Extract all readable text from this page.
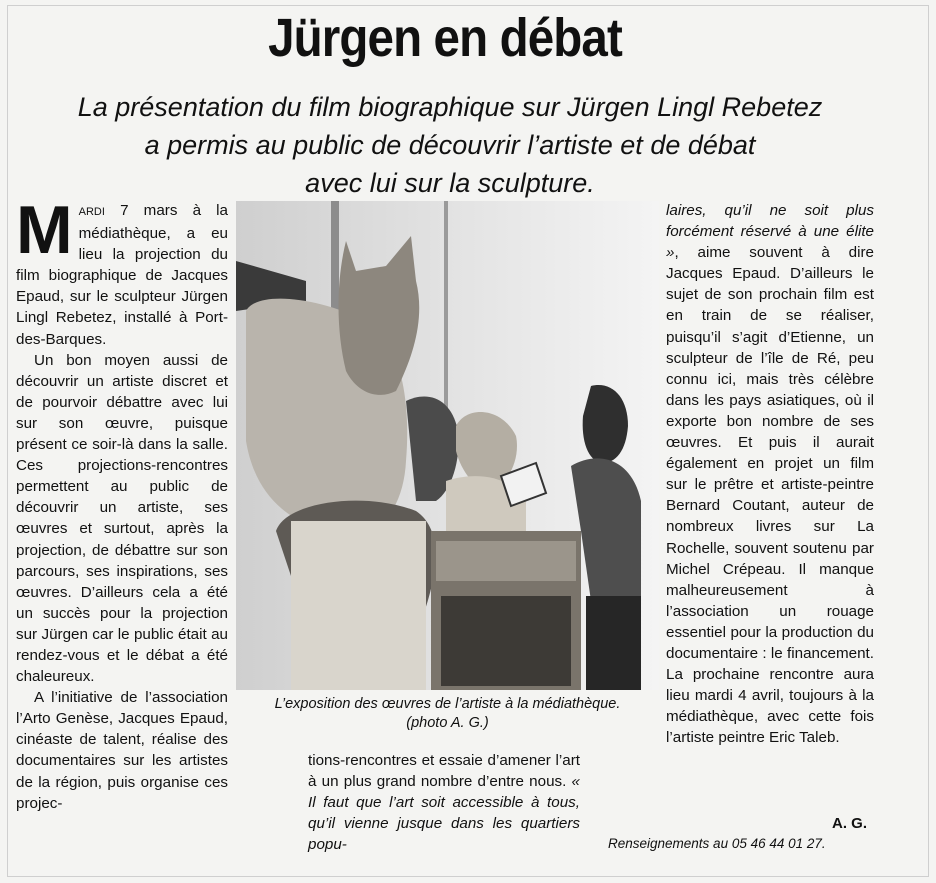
Jürgen en débat
La présentation du film biographique sur Jürgen Lingl Rebetez
a permis au public de découvrir l’artiste et de débat
avec lui sur la sculpture.

MARDI 7 mars à la médiathèque, a eu lieu la projection du film biographique de Jacques Epaud, sur le sculpteur Jürgen Lingl Rebetez, installé à Port-des-Barques.

Un bon moyen aussi de découvrir un artiste discret et de pourvoir débattre avec lui sur son œuvre, puisque présent ce soir-là dans la salle. Ces projections-rencontres permettent au public de découvrir un artiste, ses œuvres et surtout, après la projection, de débattre sur son parcours, ses inspirations, ses œuvres. D’ailleurs cela a été un succès pour la projection sur Jürgen car le public était au rendez-vous et le débat a été chaleureux.

A l’initiative de l’association l’Arto Genèse, Jacques Epaud, cinéaste de talent, réalise des documentaires sur les artistes de la région, puis organise ces projec-

L’exposition des œuvres de l’artiste à la médiathèque.
(photo A. G.)

tions-rencontres et essaie d’amener l’art à un plus grand nombre d’entre nous. « Il faut que l’art soit accessible à tous, qu’il vienne jusque dans les quartiers popu-

laires, qu’il ne soit plus forcément réservé à une élite », aime souvent à dire Jacques Epaud. D’ailleurs le sujet de son prochain film est en train de se réaliser, puisqu’il s’agit d’Etienne, un sculpteur de l’île de Ré, peu connu ici, mais très célèbre dans les pays asiatiques, où il exporte bon nombre de ses œuvres. Et puis il aurait également en projet un film sur le prêtre et artiste-peintre Bernard Coutant, auteur de nombreux livres sur La Rochelle, souvent soutenu par Michel Crépeau. Il manque malheureusement à l’association un rouage essentiel pour la production du documentaire : le financement. La prochaine rencontre aura lieu mardi 4 avril, toujours à la médiathèque, avec cette fois l’artiste peintre Eric Taleb.

A. G.
Renseignements au 05 46 44 01 27.
